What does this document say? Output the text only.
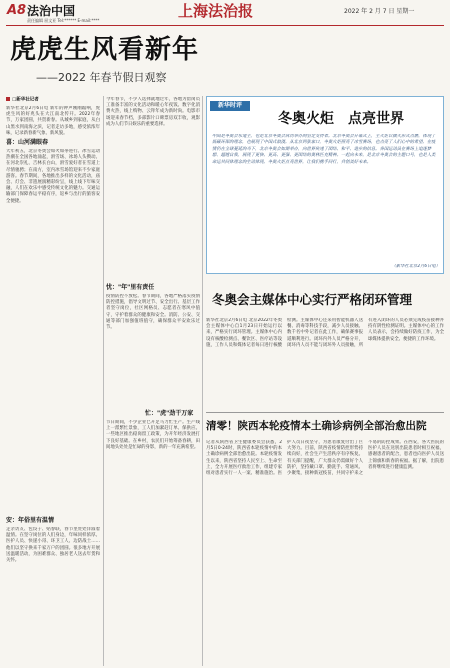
A8 法治中国
责任编辑 屈文亚 Tel:****** E-mail:****
上海法治报	2022 年 2 月 7 日 星期一
虎虎生风看新年
——2022 年春节假日观察
□新华社记者
新华社北京2月6日电 新年的钟声刚刚敲响，虎虎生风的好兆头在大江南北传开。2022年春节，万家团圆，共贺新春。从城乡到家庭，从白山黑水到南海之滨，记者走访多地，感受浓浓年味，记录新春新气象、新风貌。
喜：山河满眼春
大年初五，北京冬奥会如火如荼进行。冰雪运动热潮在全国各地涌起，滑雪场、冰场人头攒动。在河北崇礼、吉林长白山，滑雪爱好者在雪道上尽情驰骋；在南方，室内冰雪场馆迎来不少家庭游客。春节期间，各地推出多样的文化活动，庙会、灯会、非遗展演精彩纷呈，线上线下年味交融，人们在欢乐中感受传统文化的魅力。交通运输部门保障春运平稳有序，返乡与出行的旅客安全便捷。
安：年俗里有温情
走亲访友、包饺子、贴春联，春节里处处洋溢着温情。在坚守岗位的人们身边，年味同样浓厚。医护人员、快递小哥、环卫工人、边防战士……他们以坚守换来千家万户的团圆。很多地方开展送温暖活动，为困难群众、独居老人送去年货和关怀。
今年春节，不少人选择就地过年，各地为留岗员工准备丰富的文化活动和暖心年夜饭。数字化消费火热，线上购物、云拜年成为新时尚。电影市场迎来春节档，多部影片口碑票房双丰收，观影成为人们节日娱乐的重要选择。
忧："年"里有责任
疫情防控不放松。春节期间，各地严格落实疫情防控措施，倡导文明过节、安全出行。基层工作者坚守岗位，社区网格员、志愿者在寒风中值守，守护着群众的健康和安全。消防、公安、交通等部门加强值班值守，确保群众平安欢乐过节。
忙："虎"劲干万家
节日期间，不少企业已开足马力忙生产。生产线上一派繁忙景象，工人们加紧赶订单、保供应。一些地区推出稳岗留工政策，为开年经济发展打下良好基础。在乡村，农民们开始筹备春耕，田间地头处处是忙碌的身影，新的一年充满希望。
新华时评
冬奥火炬　点亮世界
中国是冬奥会东道主，也是北京冬奥会成功举办的坚定支持者。北京冬奥会开幕式上，主火炬以微火形式点燃，体现了低碳环保的理念，也展现了中国式浪漫。从北京到张家口，冬奥火炬照亮了冰雪赛场，也点亮了人们心中的希望。在疫情仍在全球蔓延的当下，北京冬奥会如期举办，向世界传递了团结、和平、进步的信息。各国运动员在赛场上追逐梦想、超越自我，展现了更快、更高、更强、更团结的奥林匹克精神。一起向未来，是北京冬奥会的主题口号，也是人类命运共同体理念的生动体现。冬奥火炬点亮世界，让我们携手同行，共创美好未来。
（新华社北京2月6日电）
冬奥会主媒体中心实行严格闭环管理
新华社北京2月6日电 北京2022年冬奥会主媒体中心自1月23日开始运行以来，严格实行闭环管理。主媒体中心内设有核酸检测点、餐饮区、医疗站等设施，工作人员和媒体记者每日进行核酸检测。主媒体中心还采用智能机器人送餐、消毒等科技手段，减少人员接触。数千名中外记者在此工作，确保赛事报道顺利进行。闭环内外人员严格分开，闭环内人员不能与闭环外人员接触，所有进入闭环的人员必须完成疫苗接种并持有阴性检测证明。主媒体中心的工作人员表示，会持续做好防疫工作，为全球媒体提供安全、便捷的工作环境。
清零！陕西本轮疫情本土确诊病例全部治愈出院
记者从陕西省卫生健康委员会获悉，2月5日0-24时，陕西省本轮疫情中的本土确诊病例全部治愈出院。本轮疫情发生以来，陕西省坚持人民至上、生命至上，全力开展医疗救治工作，组建专家组对患者实行一人一案、精准施治。医护人员日夜坚守，为患者康复付出了巨大努力。目前，陕西省疫情防控形势持续向好，社会生产生活秩序有序恢复。有关部门提醒，广大群众仍需做好个人防护，坚持戴口罩、勤洗手、常通风、少聚集，接种新冠疫苗，共同守护来之不易的防控成果。在西安，各大医院的医护人员在送别出院患者时相互祝福，感谢患者的配合，患者也向医护人员送上锦旗和新春的祝福。据了解，出院患者将继续进行健康监测。
